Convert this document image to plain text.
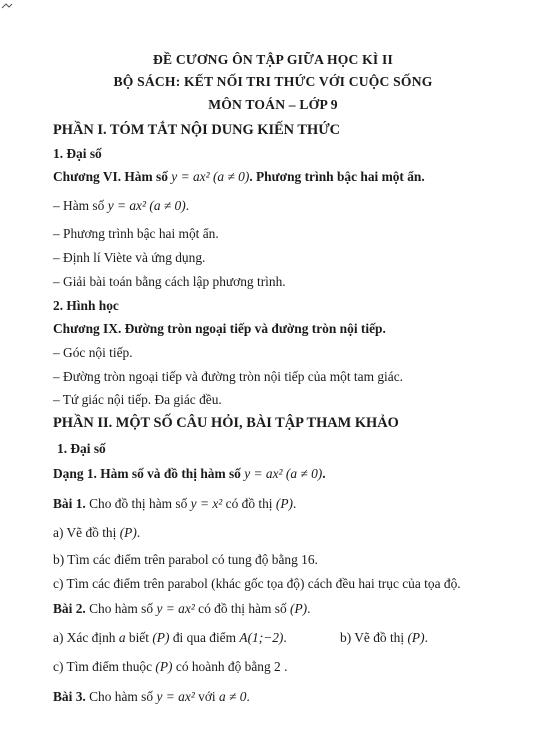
ĐỀ CƯƠNG ÔN TẬP GIỮA HỌC KÌ II
BỘ SÁCH: KẾT NỐI TRI THỨC VỚI CUỘC SỐNG
MÔN TOÁN – LỚP 9
PHẦN I. TÓM TẮT NỘI DUNG KIẾN THỨC
1. Đại số
Chương VI. Hàm số y = ax² (a ≠ 0). Phương trình bậc hai một ẩn.
– Hàm số y = ax² (a ≠ 0).
– Phương trình bậc hai một ẩn.
– Định lí Viète và ứng dụng.
– Giải bài toán bằng cách lập phương trình.
2. Hình học
Chương IX. Đường tròn ngoại tiếp và đường tròn nội tiếp.
– Góc nội tiếp.
– Đường tròn ngoại tiếp và đường tròn nội tiếp của một tam giác.
– Tứ giác nội tiếp. Đa giác đều.
PHẦN II. MỘT SỐ CÂU HỎI, BÀI TẬP THAM KHẢO
1. Đại số
Dạng 1. Hàm số và đồ thị hàm số y = ax² (a ≠ 0).
Bài 1. Cho đồ thị hàm số y = x² có đồ thị (P).
a) Vẽ đồ thị (P).
b) Tìm các điểm trên parabol có tung độ bằng 16.
c) Tìm các điểm trên parabol (khác gốc tọa độ) cách đều hai trục của tọa độ.
Bài 2. Cho hàm số y = ax² có đồ thị hàm số (P).
a) Xác định a biết (P) đi qua điểm A(1;−2).	b) Vẽ đồ thị (P).
c) Tìm điểm thuộc (P) có hoành độ bằng 2 .
Bài 3. Cho hàm số y = ax² với a ≠ 0.
